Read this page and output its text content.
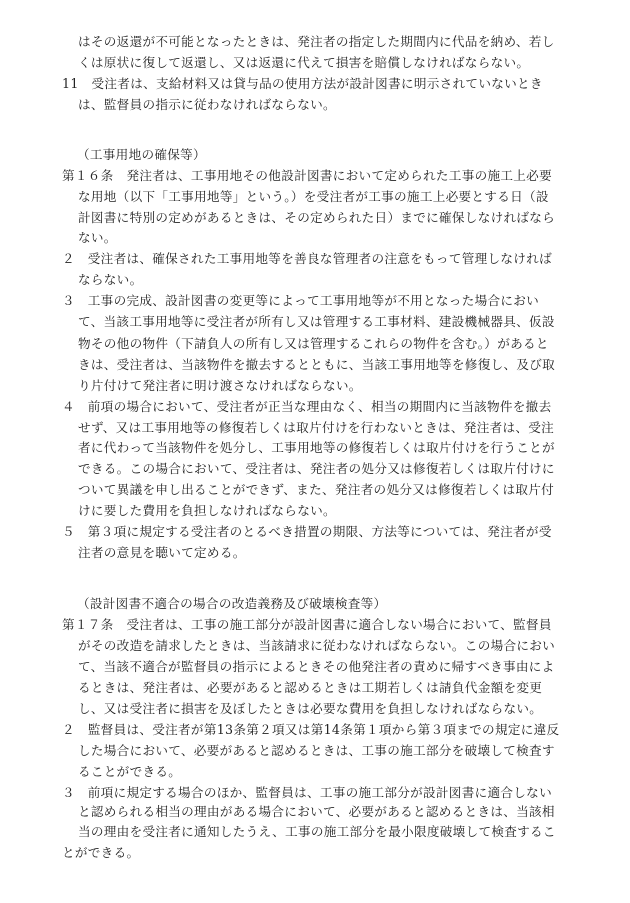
はその返還が不可能となったときは、発注者の指定した期間内に代品を納め、若し
くは原状に復して返還し、又は返還に代えて損害を賠償しなければならない。
11　受注者は、支給材料又は貸与品の使用方法が設計図書に明示されていないとき
は、監督員の指示に従わなければならない。
（工事用地の確保等）
第１６条　発注者は、工事用地その他設計図書において定められた工事の施工上必要
な用地（以下「工事用地等」という。）を受注者が工事の施工上必要とする日（設
計図書に特別の定めがあるときは、その定められた日）までに確保しなければなら
ない。
２　受注者は、確保された工事用地等を善良な管理者の注意をもって管理しなければ
ならない。
３　工事の完成、設計図書の変更等によって工事用地等が不用となった場合におい
て、当該工事用地等に受注者が所有し又は管理する工事材料、建設機械器具、仮設
物その他の物件（下請負人の所有し又は管理するこれらの物件を含む。）があると
きは、受注者は、当該物件を撤去するとともに、当該工事用地等を修復し、及び取
り片付けて発注者に明け渡さなければならない。
４　前項の場合において、受注者が正当な理由なく、相当の期間内に当該物件を撤去
せず、又は工事用地等の修復若しくは取片付けを行わないときは、発注者は、受注
者に代わって当該物件を処分し、工事用地等の修復若しくは取片付けを行うことが
できる。この場合において、受注者は、発注者の処分又は修復若しくは取片付けに
ついて異議を申し出ることができず、また、発注者の処分又は修復若しくは取片付
けに要した費用を負担しなければならない。
５　第３項に規定する受注者のとるべき措置の期限、方法等については、発注者が受
注者の意見を聴いて定める。
（設計図書不適合の場合の改造義務及び破壊検査等）
第１７条　受注者は、工事の施工部分が設計図書に適合しない場合において、監督員
がその改造を請求したときは、当該請求に従わなければならない。この場合におい
て、当該不適合が監督員の指示によるときその他発注者の責めに帰すべき事由によ
るときは、発注者は、必要があると認めるときは工期若しくは請負代金額を変更
し、又は受注者に損害を及ぼしたときは必要な費用を負担しなければならない。
２　監督員は、受注者が第13条第２項又は第14条第１項から第３項までの規定に違反
した場合において、必要があると認めるときは、工事の施工部分を破壊して検査す
ることができる。
３　前項に規定する場合のほか、監督員は、工事の施工部分が設計図書に適合しない
と認められる相当の理由がある場合において、必要があると認めるときは、当該相
当の理由を受注者に通知したうえ、工事の施工部分を最小限度破壊して検査するこ
とができる。
